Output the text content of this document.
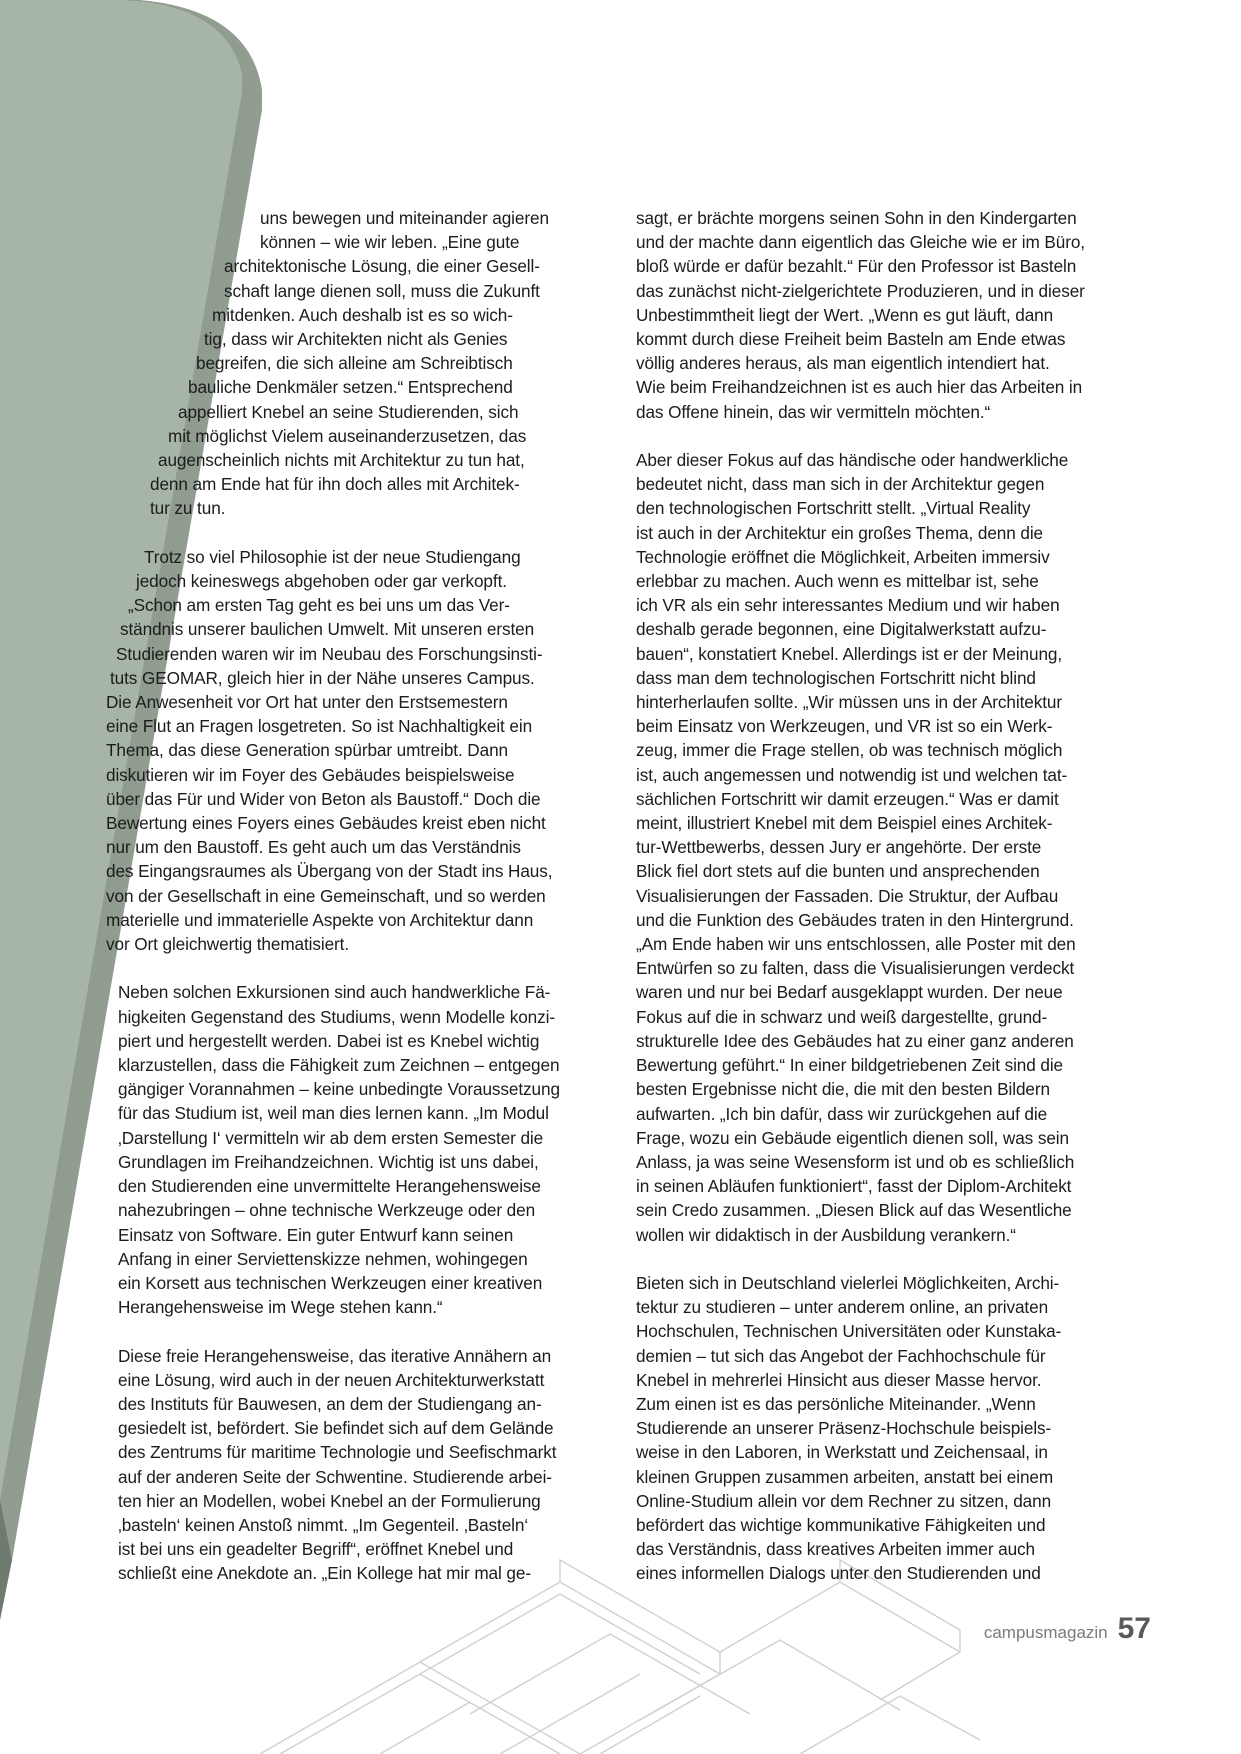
uns bewegen und miteinander agieren
können – wie wir leben. „Eine gute
architektonische Lösung, die einer Gesell-
schaft lange dienen soll, muss die Zukunft
mitdenken. Auch deshalb ist es so wich-
tig, dass wir Architekten nicht als Genies
begreifen, die sich alleine am Schreibtisch
bauliche Denkmäler setzen.“ Entsprechend
appelliert Knebel an seine Studierenden, sich
mit möglichst Vielem auseinanderzusetzen, das
augenscheinlich nichts mit Architektur zu tun hat,
denn am Ende hat für ihn doch alles mit Architek-
tur zu tun.

Trotz so viel Philosophie ist der neue Studiengang
jedoch keineswegs abgehoben oder gar verkopft.
„Schon am ersten Tag geht es bei uns um das Ver-
ständnis unserer baulichen Umwelt. Mit unseren ersten
Studierenden waren wir im Neubau des Forschungsinsti-
tuts GEOMAR, gleich hier in der Nähe unseres Campus.
Die Anwesenheit vor Ort hat unter den Erstsemestern
eine Flut an Fragen losgetreten. So ist Nachhaltigkeit ein
Thema, das diese Generation spürbar umtreibt. Dann
diskutieren wir im Foyer des Gebäudes beispielsweise
über das Für und Wider von Beton als Baustoff.“ Doch die
Bewertung eines Foyers eines Gebäudes kreist eben nicht
nur um den Baustoff. Es geht auch um das Verständnis
des Eingangsraumes als Übergang von der Stadt ins Haus,
von der Gesellschaft in eine Gemeinschaft, und so werden
materielle und immaterielle Aspekte von Architektur dann
vor Ort gleichwertig thematisiert.

Neben solchen Exkursionen sind auch handwerkliche Fä-
higkeiten Gegenstand des Studiums, wenn Modelle konzi-
piert und hergestellt werden. Dabei ist es Knebel wichtig
klarzustellen, dass die Fähigkeit zum Zeichnen – entgegen
gängiger Vorannahmen – keine unbedingte Voraussetzung
für das Studium ist, weil man dies lernen kann. „Im Modul
‚Darstellung I‘ vermitteln wir ab dem ersten Semester die
Grundlagen im Freihandzeichnen. Wichtig ist uns dabei,
den Studierenden eine unvermittelte Herangehensweise
nahezubringen – ohne technische Werkzeuge oder den
Einsatz von Software. Ein guter Entwurf kann seinen
Anfang in einer Serviettenskizze nehmen, wohingegen
ein Korsett aus technischen Werkzeugen einer kreativen
Herangehensweise im Wege stehen kann.“

Diese freie Herangehensweise, das iterative Annähern an
eine Lösung, wird auch in der neuen Architekturwerkstatt
des Instituts für Bauwesen, an dem der Studiengang an-
gesiedelt ist, befördert. Sie befindet sich auf dem Gelände
des Zentrums für maritime Technologie und Seefischmarkt
auf der anderen Seite der Schwentine. Studierende arbei-
ten hier an Modellen, wobei Knebel an der Formulierung
‚basteln‘ keinen Anstoß nimmt. „Im Gegenteil. ‚Basteln‘
ist bei uns ein geadelter Begriff“, eröffnet Knebel und
schließt eine Anekdote an. „Ein Kollege hat mir mal ge-

sagt, er brächte morgens seinen Sohn in den Kindergarten
und der machte dann eigentlich das Gleiche wie er im Büro,
bloß würde er dafür bezahlt.“ Für den Professor ist Basteln
das zunächst nicht-zielgerichtete Produzieren, und in dieser
Unbestimmtheit liegt der Wert. „Wenn es gut läuft, dann
kommt durch diese Freiheit beim Basteln am Ende etwas
völlig anderes heraus, als man eigentlich intendiert hat.
Wie beim Freihandzeichnen ist es auch hier das Arbeiten in
das Offene hinein, das wir vermitteln möchten.“

Aber dieser Fokus auf das händische oder handwerkliche
bedeutet nicht, dass man sich in der Architektur gegen
den technologischen Fortschritt stellt. „Virtual Reality
ist auch in der Architektur ein großes Thema, denn die
Technologie eröffnet die Möglichkeit, Arbeiten immersiv
erlebbar zu machen. Auch wenn es mittelbar ist, sehe
ich VR als ein sehr interessantes Medium und wir haben
deshalb gerade begonnen, eine Digitalwerkstatt aufzu-
bauen“, konstatiert Knebel. Allerdings ist er der Meinung,
dass man dem technologischen Fortschritt nicht blind
hinterherlaufen sollte. „Wir müssen uns in der Architektur
beim Einsatz von Werkzeugen, und VR ist so ein Werk-
zeug, immer die Frage stellen, ob was technisch möglich
ist, auch angemessen und notwendig ist und welchen tat-
sächlichen Fortschritt wir damit erzeugen.“ Was er damit
meint, illustriert Knebel mit dem Beispiel eines Architek-
tur-Wettbewerbs, dessen Jury er angehörte. Der erste
Blick fiel dort stets auf die bunten und ansprechenden
Visualisierungen der Fassaden. Die Struktur, der Aufbau
und die Funktion des Gebäudes traten in den Hintergrund.
„Am Ende haben wir uns entschlossen, alle Poster mit den
Entwürfen so zu falten, dass die Visualisierungen verdeckt
waren und nur bei Bedarf ausgeklappt wurden. Der neue
Fokus auf die in schwarz und weiß dargestellte, grund-
strukturelle Idee des Gebäudes hat zu einer ganz anderen
Bewertung geführt.“ In einer bildgetriebenen Zeit sind die
besten Ergebnisse nicht die, die mit den besten Bildern
aufwarten. „Ich bin dafür, dass wir zurückgehen auf die
Frage, wozu ein Gebäude eigentlich dienen soll, was sein
Anlass, ja was seine Wesensform ist und ob es schließlich
in seinen Abläufen funktioniert“, fasst der Diplom-Architekt
sein Credo zusammen. „Diesen Blick auf das Wesentliche
wollen wir didaktisch in der Ausbildung verankern.“

Bieten sich in Deutschland vielerlei Möglichkeiten, Archi-
tektur zu studieren – unter anderem online, an privaten
Hochschulen, Technischen Universitäten oder Kunstaka-
demien – tut sich das Angebot der Fachhochschule für
Knebel in mehrerlei Hinsicht aus dieser Masse hervor.
Zum einen ist es das persönliche Miteinander. „Wenn
Studierende an unserer Präsenz-Hochschule beispiels-
weise in den Laboren, in Werkstatt und Zeichensaal, in
kleinen Gruppen zusammen arbeiten, anstatt bei einem
Online-Studium allein vor dem Rechner zu sitzen, dann
befördert das wichtige kommunikative Fähigkeiten und
das Verständnis, dass kreatives Arbeiten immer auch
eines informellen Dialogs unter den Studierenden und

campusmagazin 57
